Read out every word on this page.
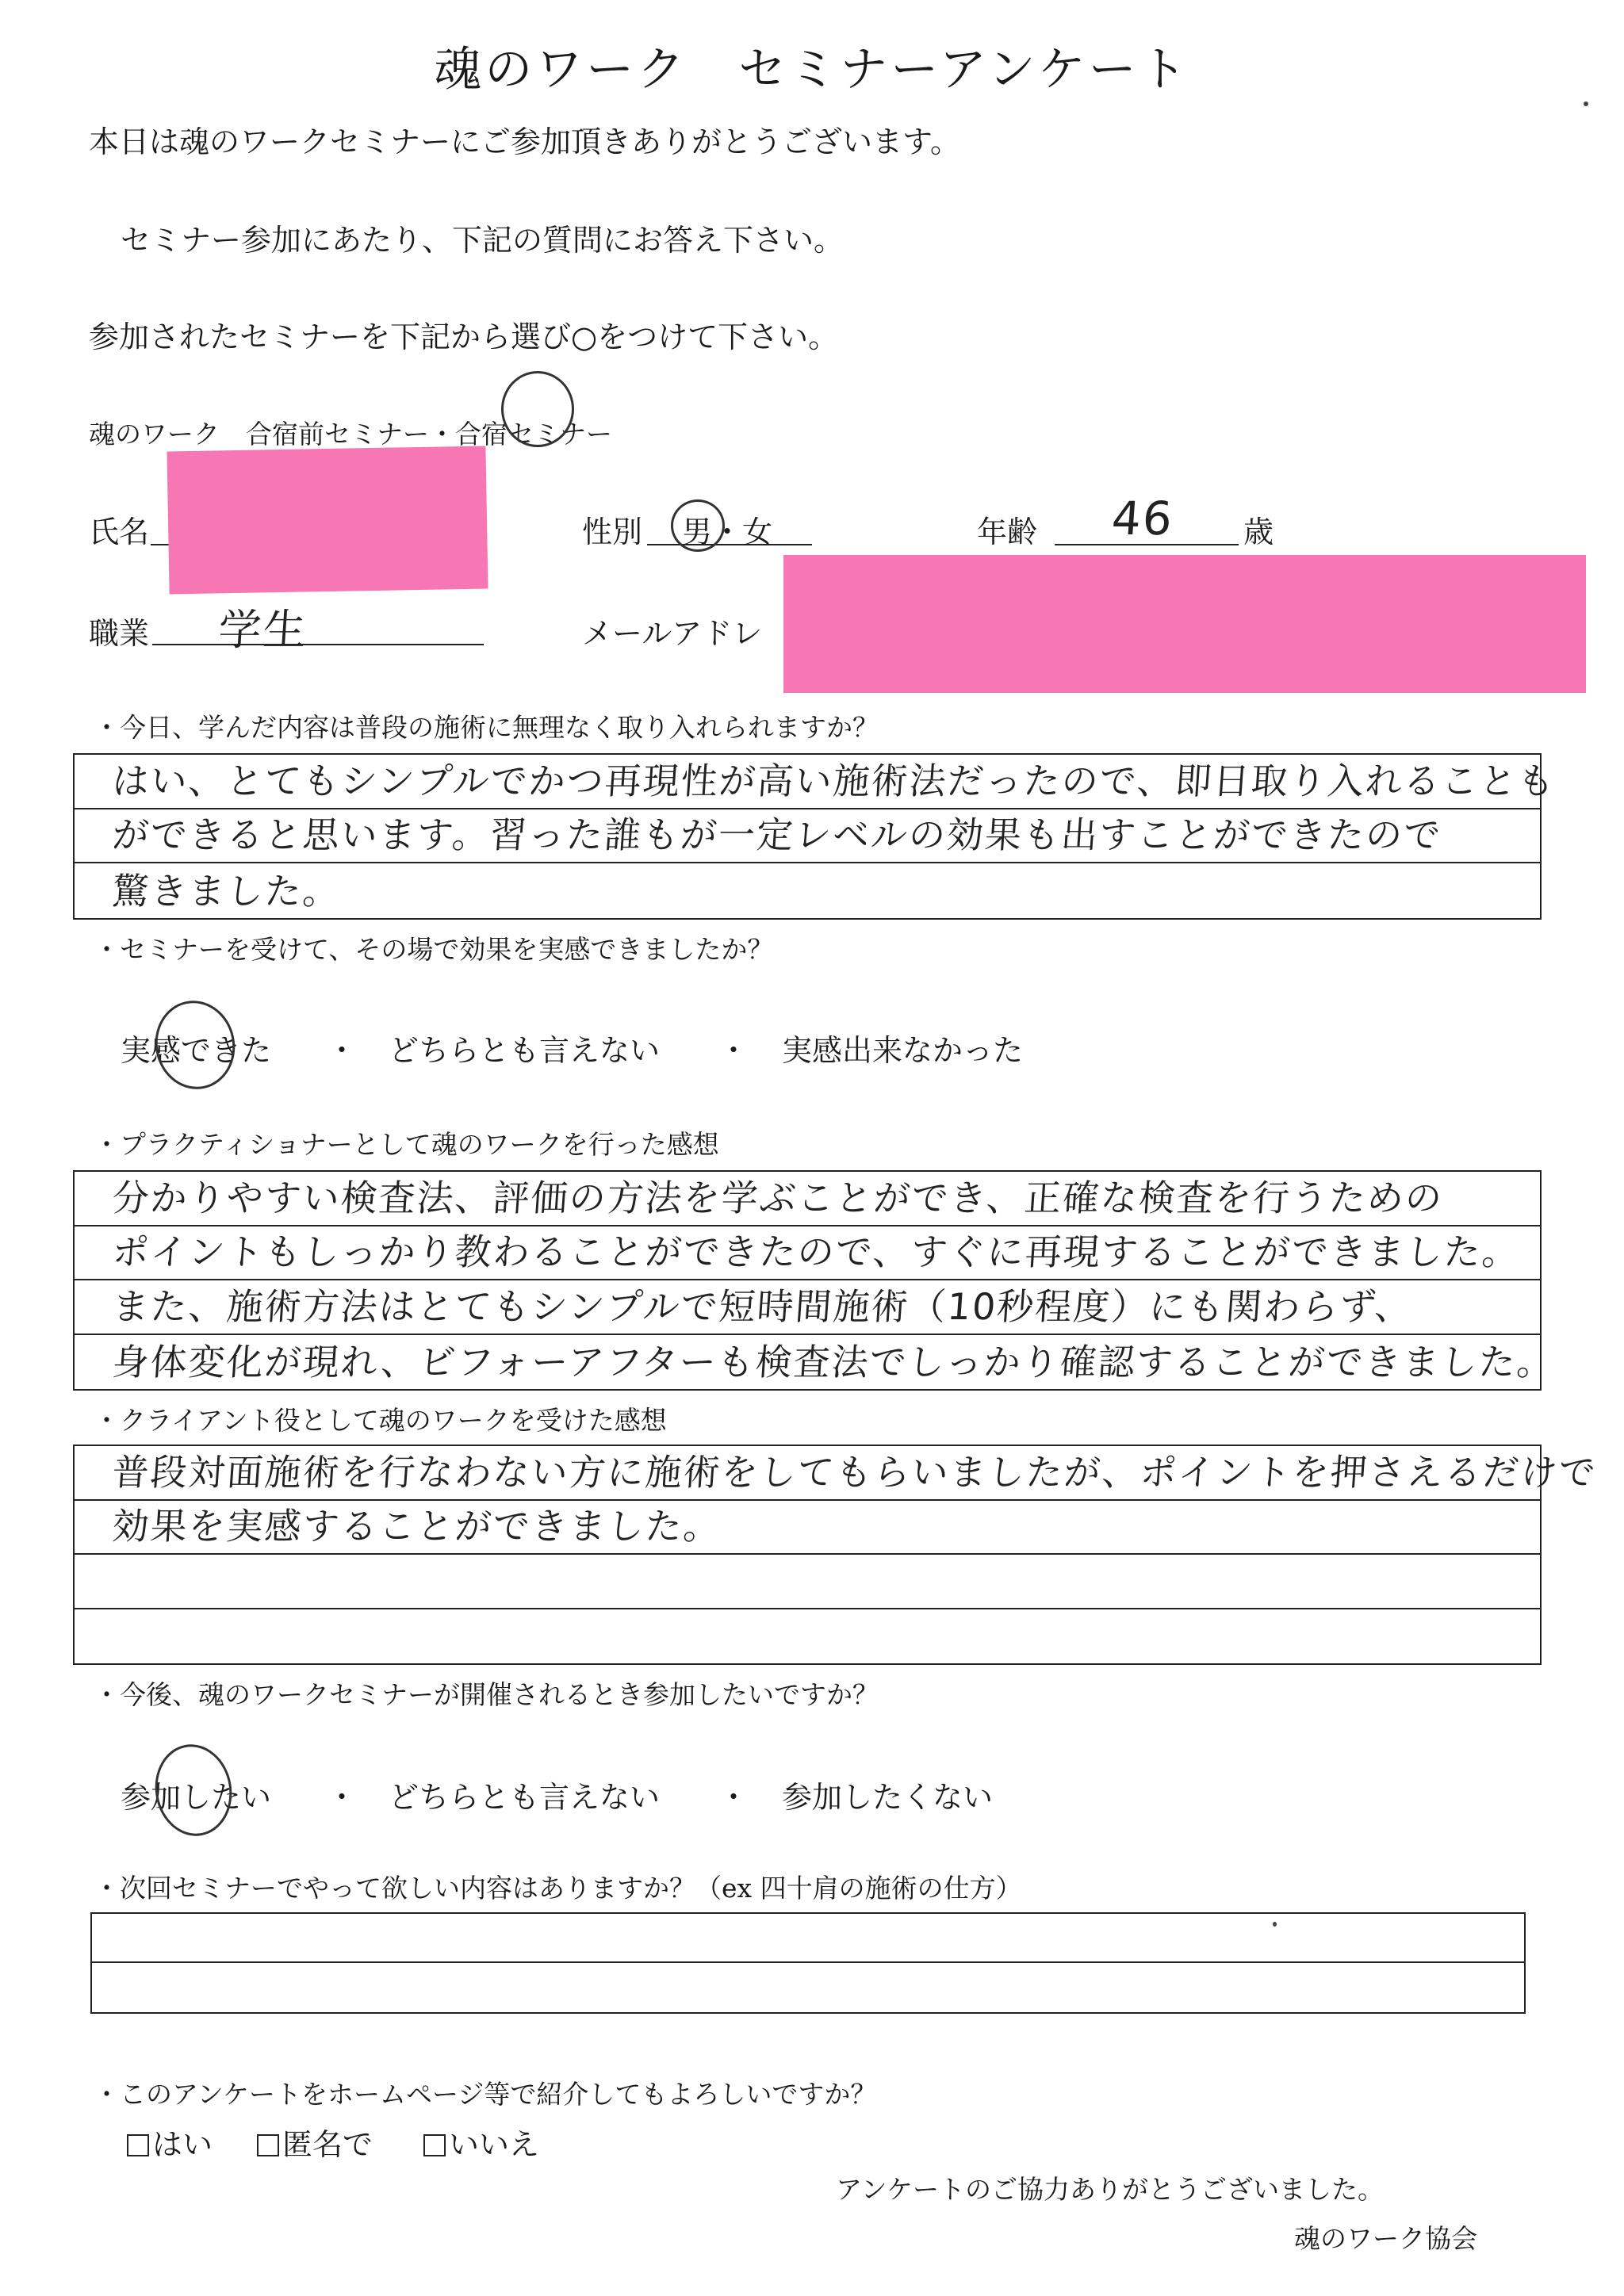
魂のワーク　セミナーアンケート
本日は魂のワークセミナーにご参加頂きありがとうございます。
セミナー参加にあたり、下記の質問にお答え下さい。
参加されたセミナーを下記から選び○をつけて下さい。
魂のワーク　合宿前セミナー・合宿セミナー
氏名	性別 男・女	年齢 46 歳
職業 学生	メールアドレ
・今日、学んだ内容は普段の施術に無理なく取り入れられますか？
はい、とてもシンプルでかつ再現性が高い施術法だったので、即日取り入れることも
ができると思います。習った誰もが一定レベルの効果も出すことができたので
驚きました。
・セミナーを受けて、その場で効果を実感できましたか？
実感できた ・ どちらとも言えない ・ 実感出来なかった
・プラクティショナーとして魂のワークを行った感想
分かりやすい検査法、評価の方法を学ぶことができ、正確な検査を行うための
ポイントもしっかり教わることができたので、すぐに再現することができました。
また、施術方法はとてもシンプルで短時間施術（10秒程度）にも関わらず、
身体変化が現れ、ビフォーアフターも検査法でしっかり確認することができました。
・クライアント役として魂のワークを受けた感想
普段対面施術を行なわない方に施術をしてもらいましたが、ポイントを押さえるだけで
効果を実感することができました。
・今後、魂のワークセミナーが開催されるとき参加したいですか？
参加したい ・ どちらとも言えない ・ 参加したくない
・次回セミナーでやって欲しい内容はありますか？（ex 四十肩の施術の仕方）
・このアンケートをホームページ等で紹介してもよろしいですか？
はい	匿名で	いいえ
アンケートのご協力ありがとうございました。
魂のワーク協会
